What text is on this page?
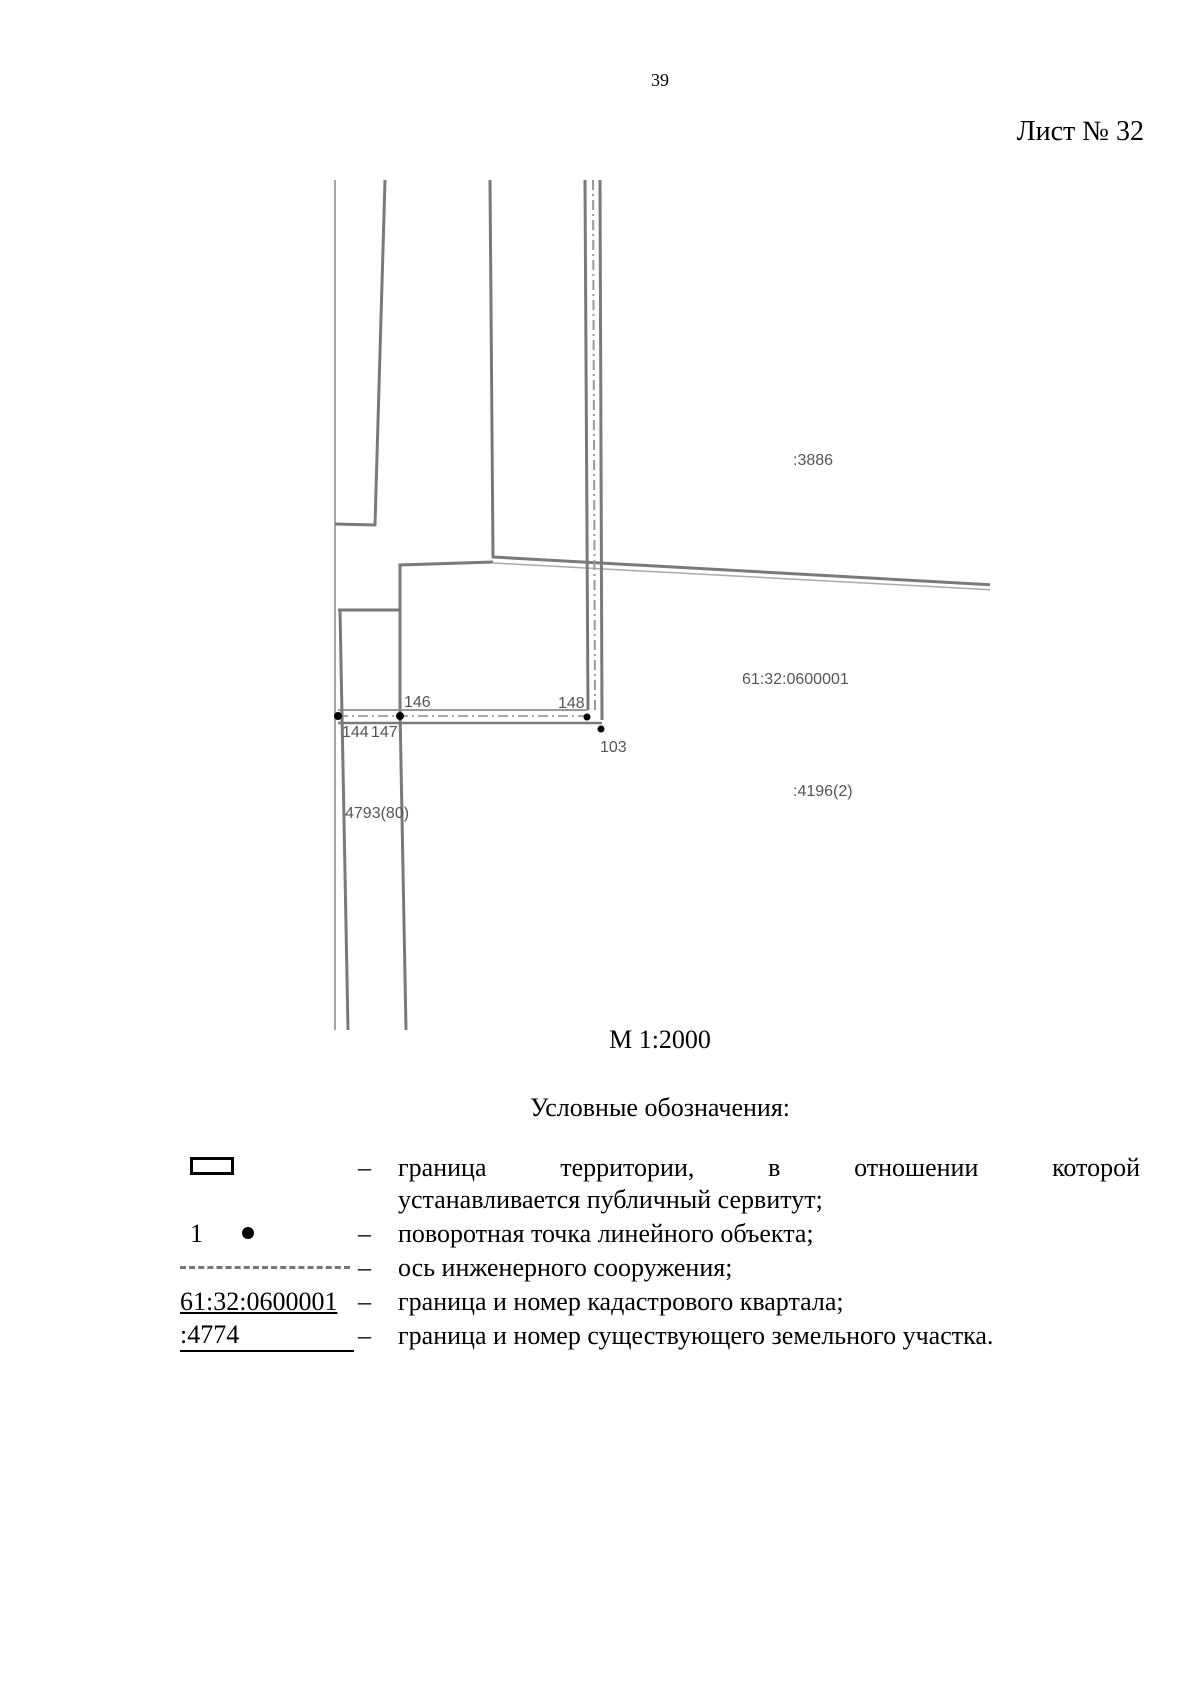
39
Лист № 32
:3886
61:32:0600001
:4196(2)
4793(80)
144 147
146	148
103
М 1:2000
Условные обозначения:
–	граница территории, в отношении которой
устанавливается публичный сервитут;
1	–	поворотная точка линейного объекта;
–	ось инженерного сооружения;
61:32:0600001 –	граница и номер кадастрового квартала;
:4774	–	граница и номер существующего земельного участка.
